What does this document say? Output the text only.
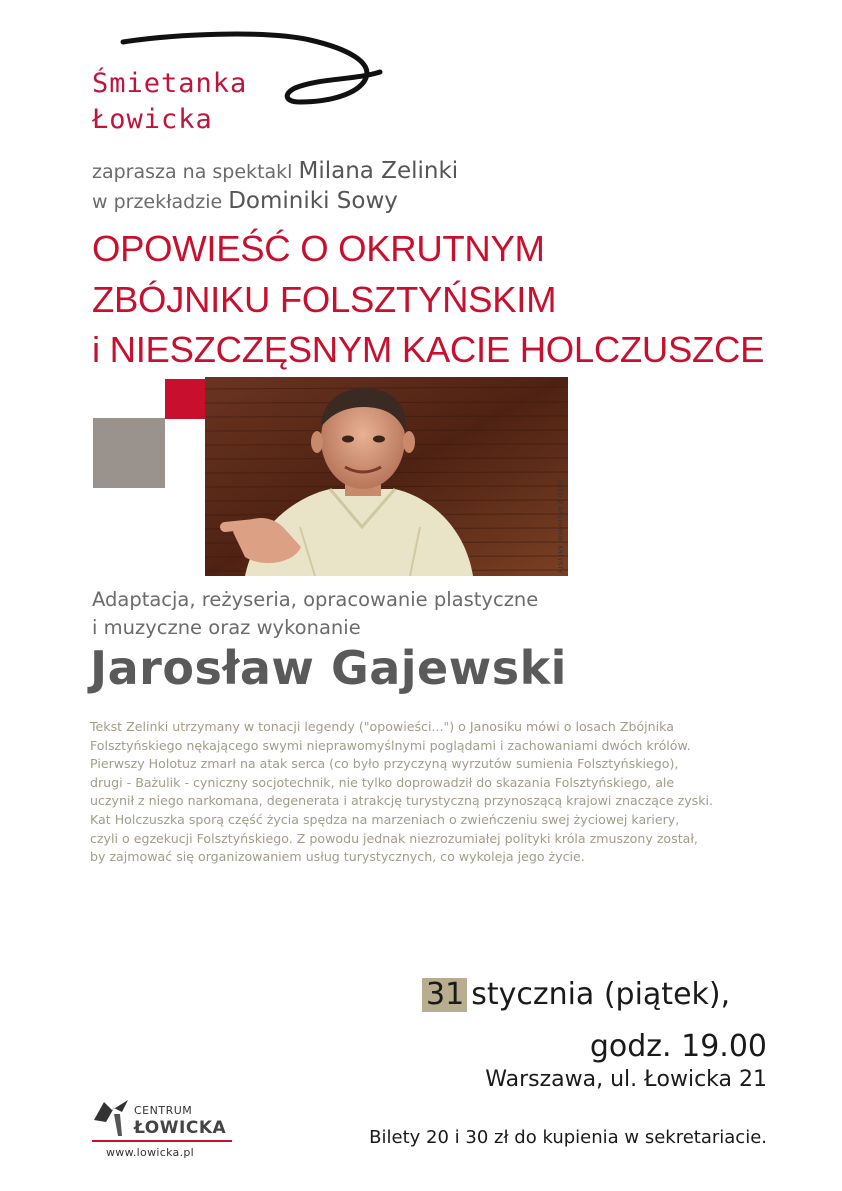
Śmietanka
Łowicka
zaprasza na spektakl Milana Zelinki
w przekładzie Dominiki Sowy
OPOWIEŚĆ O OKRUTNYM
ZBÓJNIKU FOLSZTYŃSKIM
i NIESZCZĘSNYM KACIE HOLCZUSZCE
FOTO Z ARCHIWUM ARTYSTY
Adaptacja, reżyseria, opracowanie plastyczne
i muzyczne oraz wykonanie
Jarosław Gajewski
Tekst Zelinki utrzymany w tonacji legendy ("opowieści...") o Janosiku mówi o losach Zbójnika
Folsztyńskiego nękającego swymi nieprawomyślnymi poglądami i zachowaniami dwóch królów.
Pierwszy Holotuz zmarł na atak serca (co było przyczyną wyrzutów sumienia Folsztyńskiego),
drugi - Bażulik - cyniczny socjotechnik, nie tylko doprowadził do skazania Folsztyńskiego, ale
uczynił z niego narkomana, degenerata i atrakcję turystyczną przynoszącą krajowi znaczące zyski.
Kat Holczuszka sporą część życia spędza na marzeniach o zwieńczeniu swej życiowej kariery,
czyli o egzekucji Folsztyńskiego. Z powodu jednak niezrozumiałej polityki króla zmuszony został,
by zajmować się organizowaniem usług turystycznych, co wykoleja jego życie.
31 stycznia (piątek),
godz. 19.00
Warszawa, ul. Łowicka 21
Bilety 20 i 30 zł do kupienia w sekretariacie.
CENTRUM
ŁOWICKA
www.lowicka.pl
